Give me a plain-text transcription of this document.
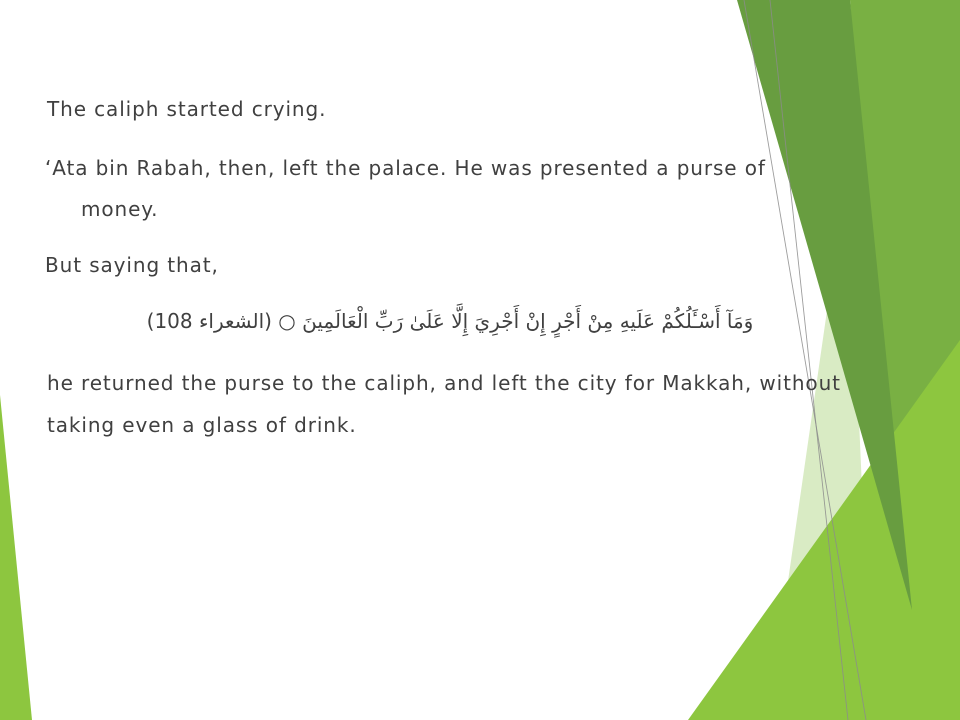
The caliph started crying.
‘Ata bin Rabah, then, left the palace. He was presented a purse of
money.
But saying that,
وَمَآ أَسْـَٔلُكُمْ عَلَيهِ مِنْ أَجْرٍ إِنْ أَجْرِيَ إِلَّا عَلَىٰ رَبِّ الْعَالَمِينَ ○ (الشعراء 108)
he returned the purse to the caliph, and left the city for Makkah, without
taking even a glass of drink.
